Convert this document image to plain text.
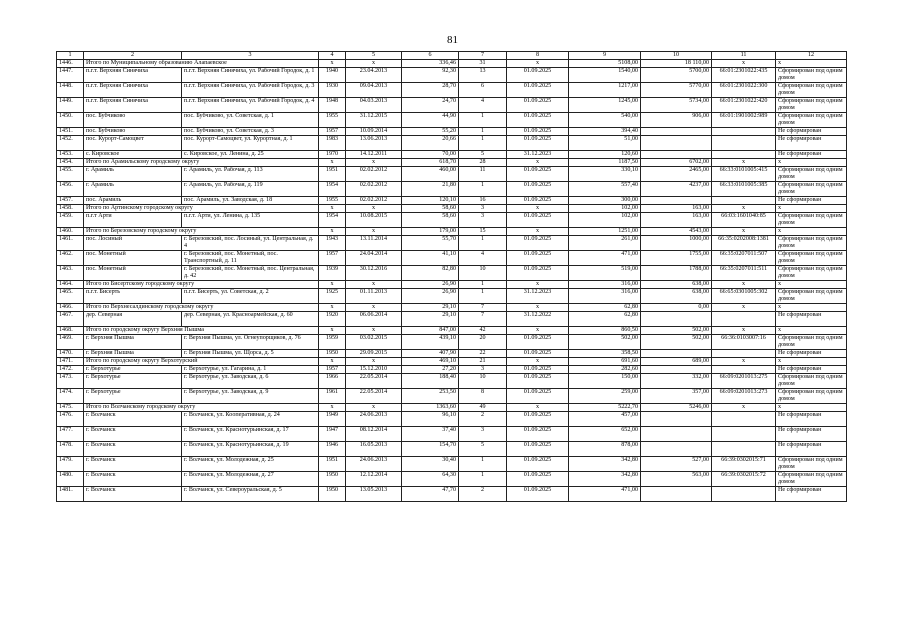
81
1	2	3	4	5	6	7	8	9	10	11	12
1446.	Итого по Муниципальному образованию Алапаевское		х	х	336,46	31	х	5108,00	18 110,00	х	х
1447.	п.г.т. Верхняя Синячиха	п.г.т. Верхняя Синячиха, ул. Рабочий Городок, д. 1	1940	23.04.2013	92,30	13	01.09.2025	1540,00	5700,00	66:01:2301022:435	Сформирован под одним домом
1448.	п.г.т. Верхняя Синячиха	п.г.т. Верхняя Синячиха, ул. Рабочий Городок, д. 3	1930	09.04.2013	28,70	6	01.09.2025	1217,00	5770,00	66:01:2301022:300	Сформирован под одним домом
1449.	п.г.т. Верхняя Синячиха	п.г.т. Верхняя Синячиха, ул. Рабочий Городок, д. 4	1948	04.03.2013	24,70	4	01.09.2025	1245,00	5734,00	66:01:2301022:420	Сформирован под одним домом
1450.	пос. Бубчиково	пос. Бубчиково, ул. Советская, д. 1	1955	31.12.2015	44,90	1	01.09.2025	540,00	906,00	66:01:1901002:989	Сформирован под одним домом
1451.	пос. Бубчиково	пос. Бубчиково, ул. Советская, д. 3	1957	10.09.2014	55,20	1	01.09.2025	394,40			Не сформирован
1452.	пос. Курорт-Самоцвет	пос. Курорт-Самоцвет, ул. Курортная, д. 1	1983	13.06.2013	20,66	1	01.09.2025	51,00			Не сформирован
1453.	с. Кировское	с. Кировское, ул. Ленина, д. 25	1970	14.12.2011	70,00	5	31.12.2023	120,60			Не сформирован
1454.	Итого по Арамильскому городскому округу		х	х	618,70	28	х	1187,50	6702,00	х	х
1455.	г. Арамиль	г. Арамиль, ул. Рабочая, д. 113	1951	02.02.2012	460,00	11	01.09.2025	330,10	2465,00	66:33:0101005:415	Сформирован под одним домом
1456.	г. Арамиль	г. Арамиль, ул. Рабочая, д. 119	1954	02.02.2012	21,80	1	01.09.2025	557,40	4237,00	66:33:0101005:385	Сформирован под одним домом
1457.	пос. Арамиль	пос. Арамиль, ул. Заводская, д. 18	1955	02.02.2012	120,10	16	01.09.2025	300,00			Не сформирован
1458.	Итого по Артинскому городскому округу		х	х	58,60	3	х	102,00	163,00	х	х
1459.	п.г.т Арти	п.г.т. Арти, ул. Ленина, д. 135	1954	10.08.2015	58,60	3	01.09.2025	102,00	163,00	66:03:1601040:85	Сформирован под одним домом
1460.	Итого по Березовскому городскому округу		х	х	179,00	15	х	1251,00	4543,00	х	х
1461.	пос. Лосиный	г. Березовский, пос. Лосиный, ул. Центральная, д. 4	1943	13.11.2014	55,70	1	01.09.2025	261,00	1000,00	66:35:0202008:1381	Сформирован под одним домом
1462.	пос. Монетный	г. Березовский, пос. Монетный, пос. Транспортный, д. 11	1957	24.04.2014	41,10	4	01.09.2025	471,00	1755,00	66:35:0207011:507	Сформирован под одним домом
1463.	пос. Монетный	г. Березовский, пос. Монетный, пос. Центральная, д. 42	1939	30.12.2016	82,80	10	01.09.2025	519,00	1788,00	66:35:0207011:511	Сформирован под одним домом
1464.	Итого по Бисертскому городскому округу		х	х	26,90	1	х	316,00	638,00	х	х
1465.	п.г.т. Бисерть	п.г.т. Бисерть, ул. Советская, д. 2	1925	01.11.2013	26,90	1	31.12.2023	316,00	638,00	66:65:0301005:302	Сформирован под одним домом
1466.	Итого по Верхнесалдинскому городскому округу		х	х	29,10	7	х	62,80	0,00	х	х
1467.	дер. Северная	дер. Северная, ул. Красноармейская, д. 60	1920	06.06.2014	29,10	7	31.12.2022	62,80			Не сформирован
1468.	Итого по городскому округу Верхняя Пышма		х	х	847,00	42	х	860,50	502,00	х	х
1469.	г. Верхняя Пышма	г. Верхняя Пышма, ул. Огнеупорщиков, д. 76	1959	03.02.2015	439,10	20	01.09.2025	502,00	502,00	66:36:0103007:16	Сформирован под одним домом
1470.	г. Верхняя Пышма	г. Верхняя Пышма, ул. Щорса, д. 5	1950	29.09.2015	407,90	22	01.09.2025	358,50			Не сформирован
1471.	Итого по городскому округу Верхотурский		х	х	469,10	21	х	691,60	689,00	х	х
1472.	г. Верхотурье	г. Верхотурье, ул. Гагарина, д. 1	1957	15.12.2010	27,20	3	01.09.2025	282,60			Не сформирован
1473.	г. Верхотурье	г. Верхотурье, ул. Заводская, д. 6	1966	22.05.2014	188,40	10	01.09.2025	150,00	332,00	66:09:0201013:275	Сформирован под одним домом
1474.	г. Верхотурье	г. Верхотурье, ул. Заводская, д. 9	1961	22.05.2014	253,50	8	01.09.2025	259,00	357,00	66:09:0201013:273	Сформирован под одним домом
1475.	Итого по Волчанскому городскому округу		х	х	1363,60	49	х	5222,70	5246,00	х	х
1476.	г. Волчанск	г. Волчанск, ул. Кооперативная, д. 24	1949	24.06.2013	96,10	2	01.09.2025	457,00			Не сформирован
1477.	г. Волчанск	г. Волчанск, ул. Краснотурьинская, д. 17	1947	08.12.2014	37,40	3	01.09.2025	652,00			Не сформирован
1478.	г. Волчанск	г. Волчанск, ул. Краснотурьинская, д. 19	1946	16.05.2013	154,70	5	01.09.2025	878,00			Не сформирован
1479.	г. Волчанск	г. Волчанск, ул. Молодежная, д. 25	1951	24.06.2013	30,40	1	01.09.2025	342,80	527,00	66:39:0302015:71	Сформирован под одним домом
1480.	г. Волчанск	г. Волчанск, ул. Молодежная, д. 27	1950	12.12.2014	64,30	1	01.09.2025	342,80	563,00	66:39:0302015:72	Сформирован под одним домом
1481.	г. Волчанск	г. Волчанск, ул. Североуральская, д. 5	1950	13.05.2013	47,70	2	01.09.2025	471,00			Не сформирован
